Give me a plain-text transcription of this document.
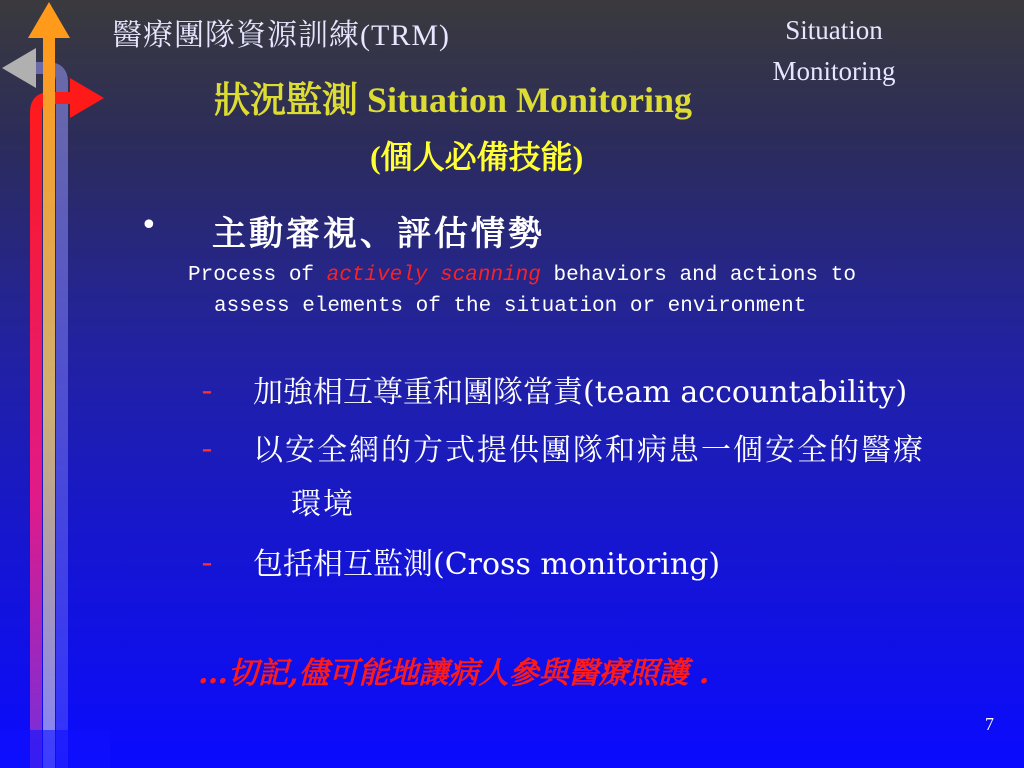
醫療團隊資源訓練(TRM)	Situation
Monitoring
狀況監測 Situation Monitoring
(個人必備技能)
• 主動審視、評估情勢
Process of actively scanning behaviors and actions to
assess elements of the situation or environment
- 加強相互尊重和團隊當責(team accountability)
- 以安全網的方式提供團隊和病患一個安全的醫療環境
- 包括相互監測(Cross monitoring)
…切記,儘可能地讓病人參與醫療照護 .
7
